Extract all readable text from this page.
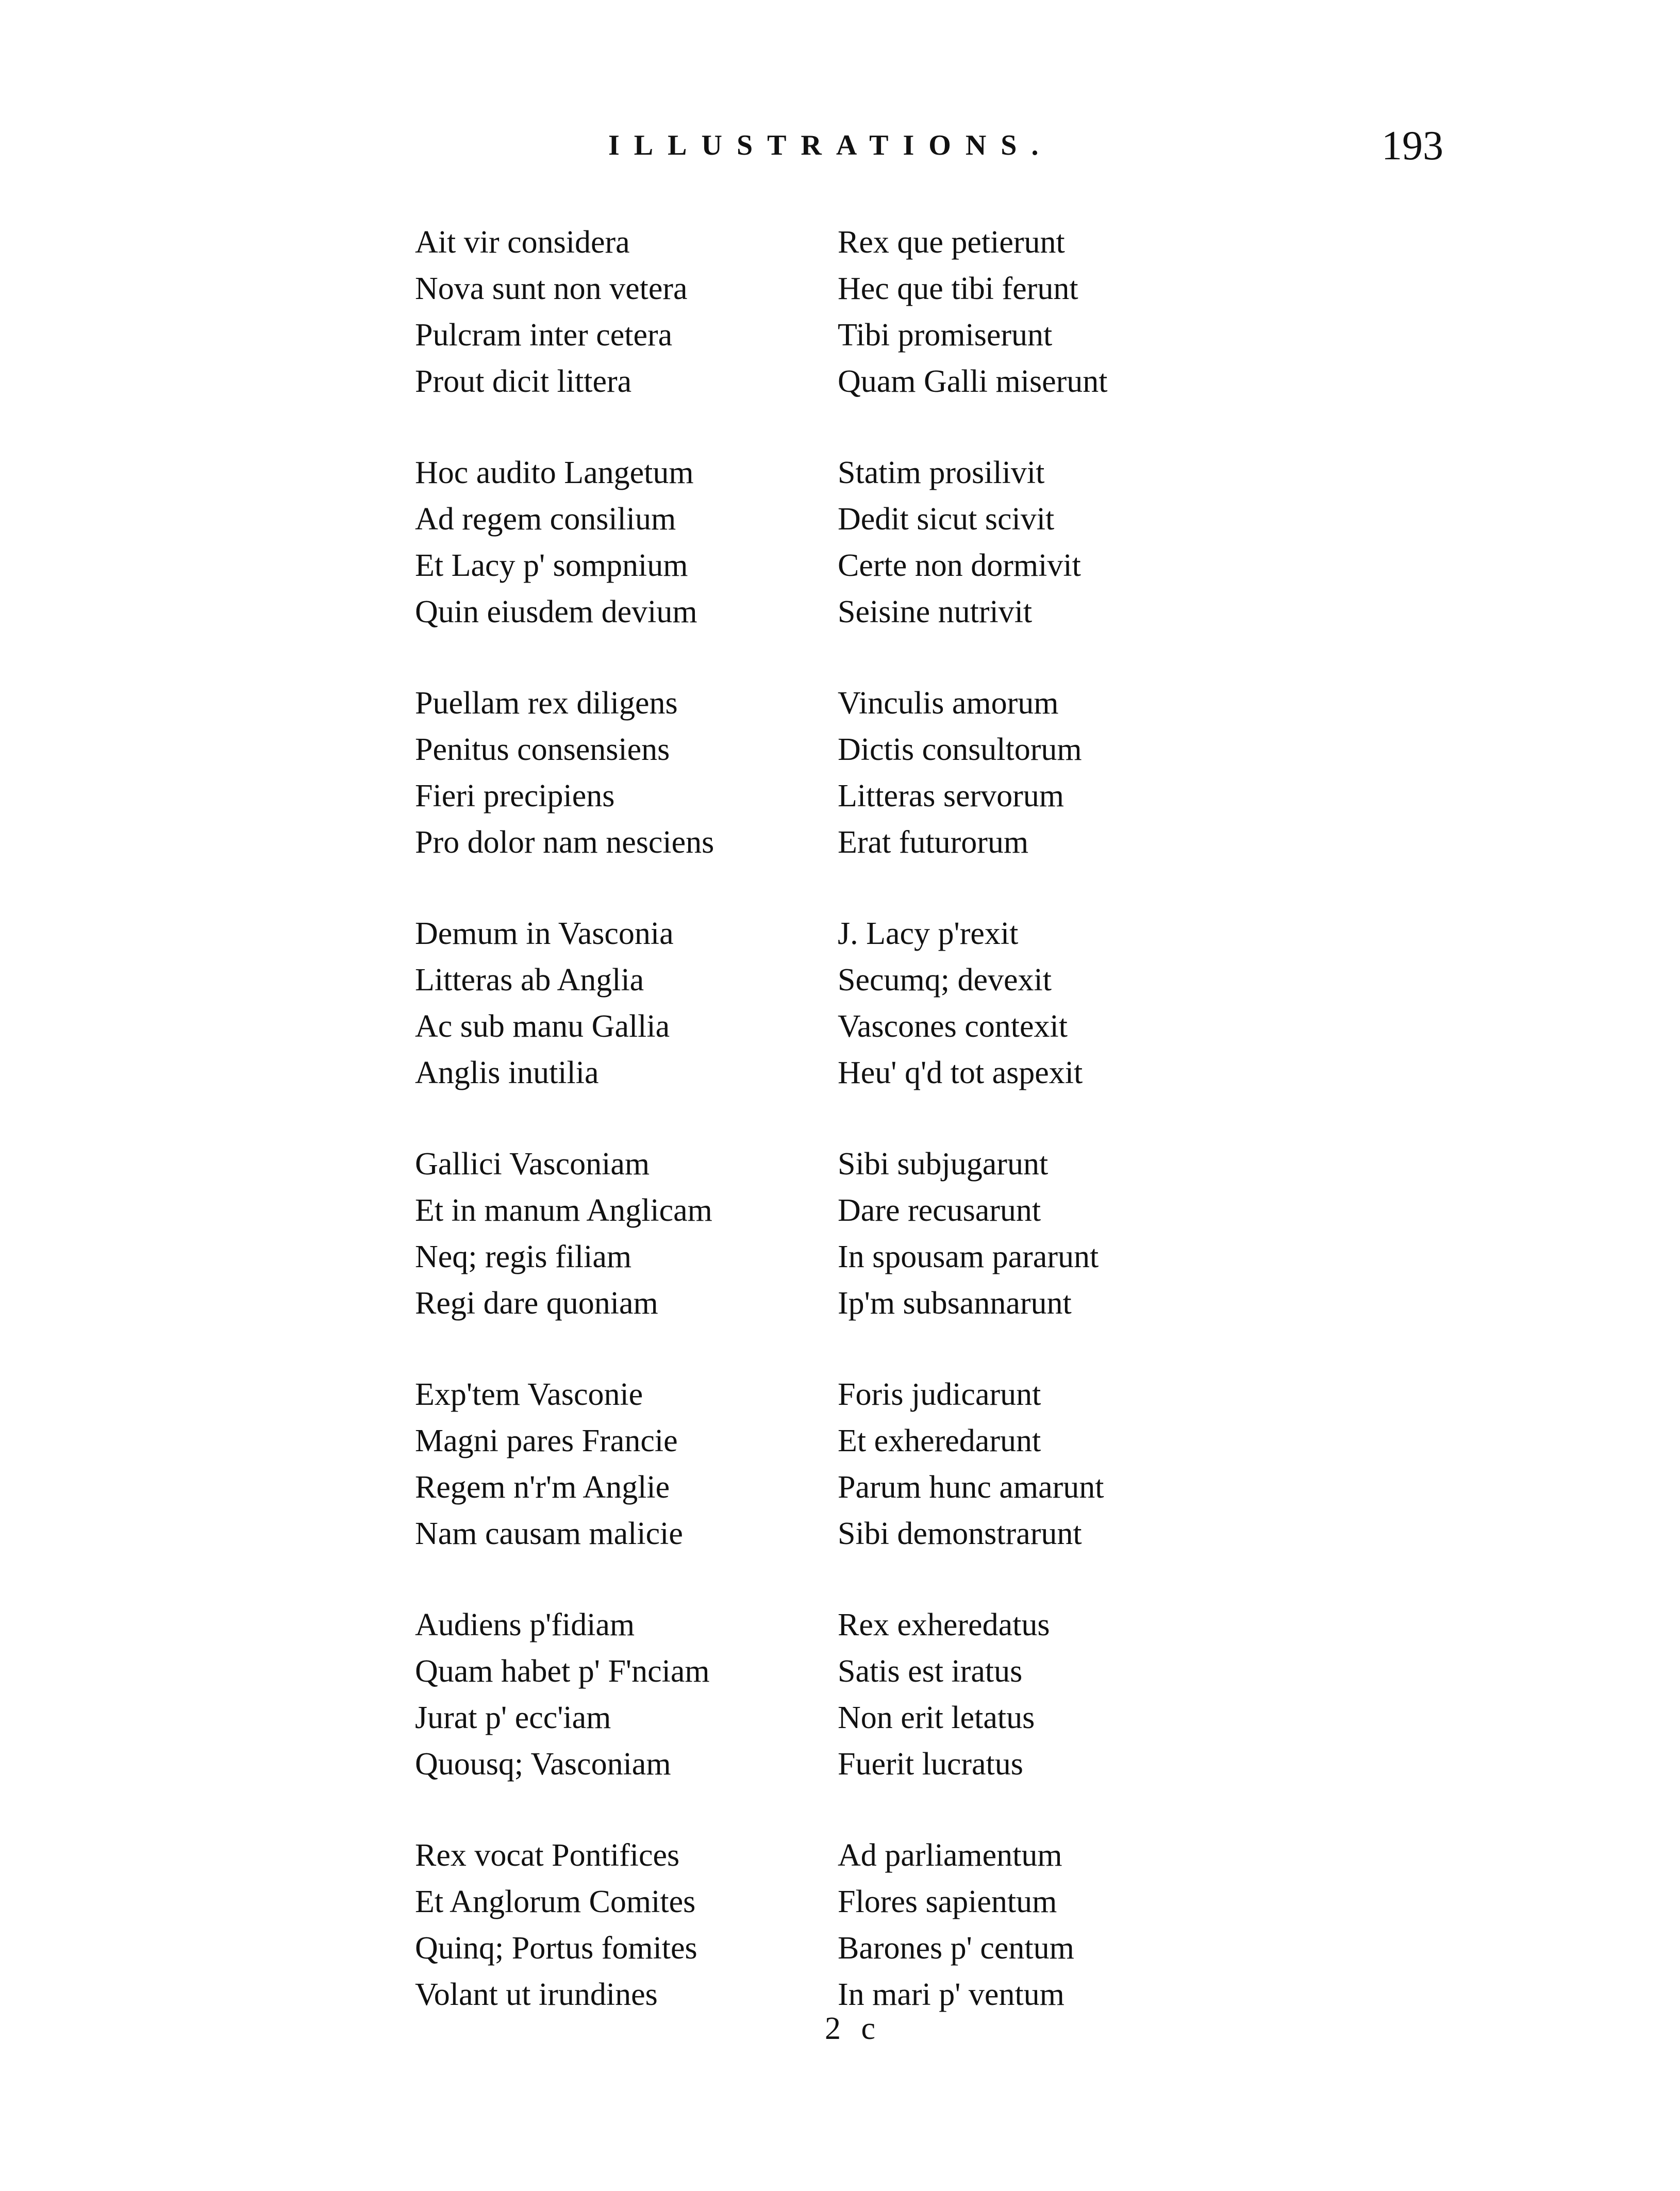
ILLUSTRATIONS.	193
Ait vir considera
Nova sunt non vetera
Pulcram inter cetera
Prout dicit littera
Rex que petierunt
Hec que tibi ferunt
Tibi promiserunt
Quam Galli miserunt
Hoc audito Langetum
Ad regem consilium
Et Lacy p' sompnium
Quin eiusdem devium
Statim prosilivit
Dedit sicut scivit
Certe non dormivit
Seisine nutrivit
Puellam rex diligens
Penitus consensiens
Fieri precipiens
Pro dolor nam nesciens
Vinculis amorum
Dictis consultorum
Litteras servorum
Erat futurorum
Demum in Vasconia
Litteras ab Anglia
Ac sub manu Gallia
Anglis inutilia
J. Lacy p'rexit
Secumq; devexit
Vascones contexit
Heu' q'd tot aspexit
Gallici Vasconiam
Et in manum Anglicam
Neq; regis filiam
Regi dare quoniam
Sibi subjugarunt
Dare recusarunt
In spousam pararunt
Ip'm subsannarunt
Exp'tem Vasconie
Magni pares Francie
Regem n'r'm Anglie
Nam causam malicie
Foris judicarunt
Et exheredarunt
Parum hunc amarunt
Sibi demonstrarunt
Audiens p'fidiam
Quam habet p' F'nciam
Jurat p' ecc'iam
Quousq; Vasconiam
Rex exheredatus
Satis est iratus
Non erit letatus
Fuerit lucratus
Rex vocat Pontifices
Et Anglorum Comites
Quinq; Portus fomites
Volant ut irundines
Ad parliamentum
Flores sapientum
Barones p' centum
In mari p' ventum
2 c
